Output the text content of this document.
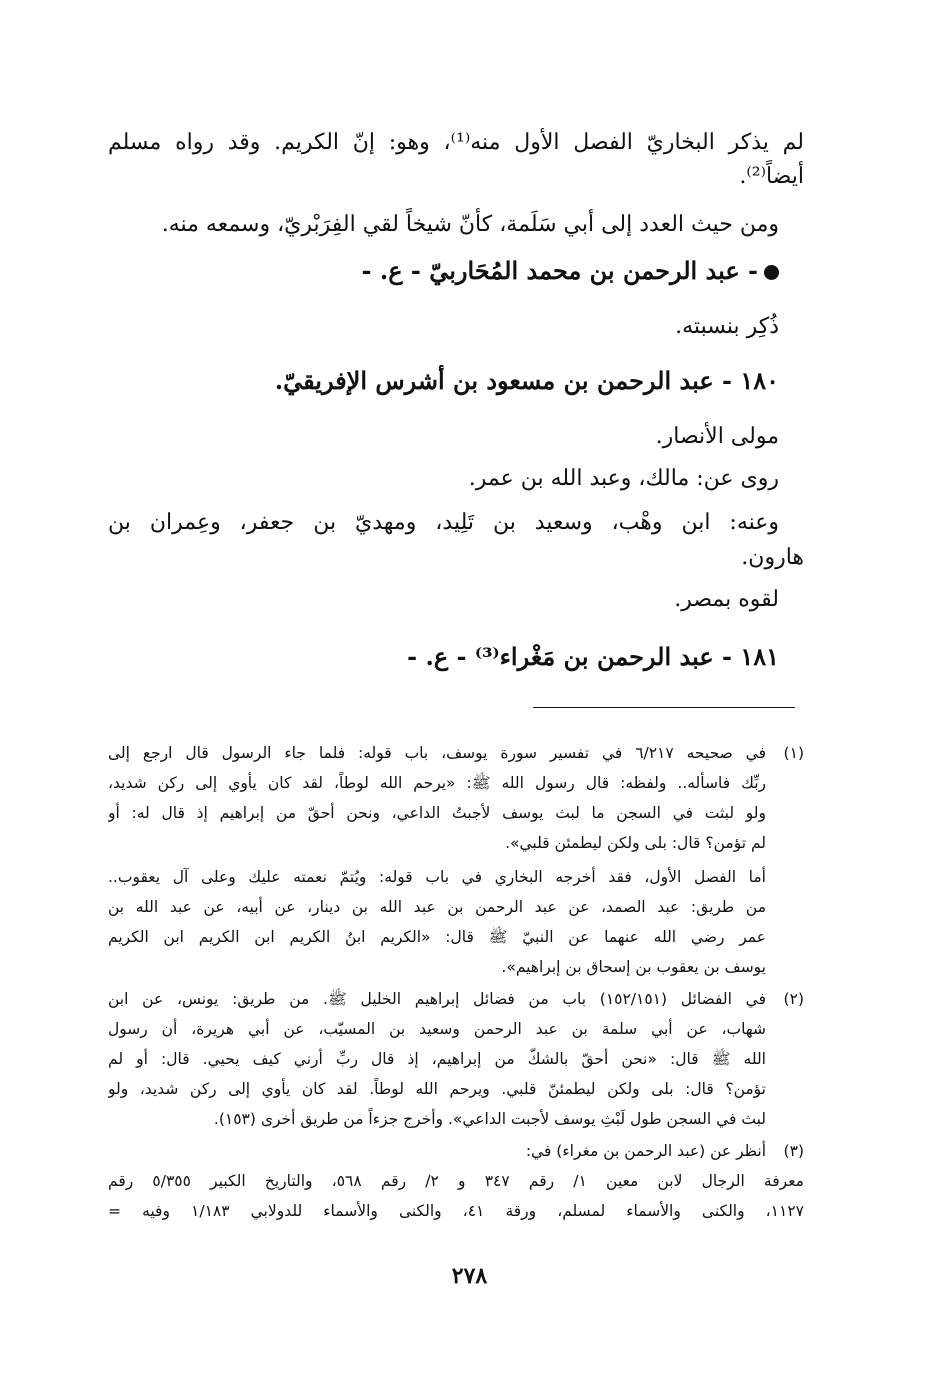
لم يذكر البخاريّ الفصل الأول منه⁽¹⁾، وهو: إنّ الكريم. وقد رواه مسلم
أيضاً⁽²⁾.
ومن حيث العدد إلى أبي سَلَمة، كأنّ شيخاً لقي الفِرَبْريّ، وسمعه منه.
- عبد الرحمن بن محمد المُحَاربيّ - ع. -
ذُكِر بنسبته.
١٨٠ - عبد الرحمن بن مسعود بن أشرس الإفريقيّ.
مولى الأنصار.
روى عن: مالك، وعبد الله بن عمر.
وعنه: ابن وهْب، وسعيد بن تَلِيد، ومهديّ بن جعفر، وعِمران بن
هارون.
لقوه بمصر.
١٨١ - عبد الرحمن بن مَغْراء⁽³⁾ - ع. -
(١)
في صحيحه ٦/٢١٧ في تفسير سورة يوسف، باب قوله: فلما جاء الرسول قال ارجع إلى
ربِّك فاسأله.. ولفظه: قال رسول الله ﷺ: «يرحم الله لوطاً، لقد كان يأوي إلى ركن شديد،
ولو لبثت في السجن ما لبث يوسف لأجبتُ الداعي، ونحن أحقّ من إبراهيم إذ قال له: أو
لم تؤمن؟ قال: بلى ولكن ليطمئن قلبي».
أما الفصل الأول، فقد أخرجه البخاري في باب قوله: ويُتمّ نعمته عليك وعلى آل يعقوب..
من طريق: عبد الصمد، عن عبد الرحمن بن عبد الله بن دينار، عن أبيه، عن عبد الله بن
عمر رضي الله عنهما عن النبيّ ﷺ قال: «الكريم ابنُ الكريم ابن الكريم ابن الكريم
يوسف بن يعقوب بن إسحاق بن إبراهيم».
(٢)
في الفضائل (١٥٢/١٥١) باب من فضائل إبراهيم الخليل ﷺ. من طريق: يونس، عن ابن
شهاب، عن أبي سلمة بن عبد الرحمن وسعيد بن المسيّب، عن أبي هريرة، أن رسول
الله ﷺ قال: «نحن أحقّ بالشكّ من إبراهيم، إذ قال ربِّ أرني كيف يحيي. قال: أو لم
تؤمن؟ قال: بلى ولكن ليطمئنّ قلبي. ويرحم الله لوطاً. لقد كان يأوي إلى ركن شديد، ولو
لبث في السجن طول لَبْثِ يوسف لأجبت الداعي». وأخرج جزءاً من طريق أخرى (١٥٣).
(٣)
أنظر عن (عبد الرحمن بن مغراء) في:
معرفة الرجال لابن معين ١/ رقم ٣٤٧ و ٢/ رقم ٥٦٨، والتاريخ الكبير ٥/٣٥٥ رقم
١١٢٧، والكنى والأسماء لمسلم، ورقة ٤١، والكنى والأسماء للدولابي ١/١٨٣ وفيه =
٢٧٨
